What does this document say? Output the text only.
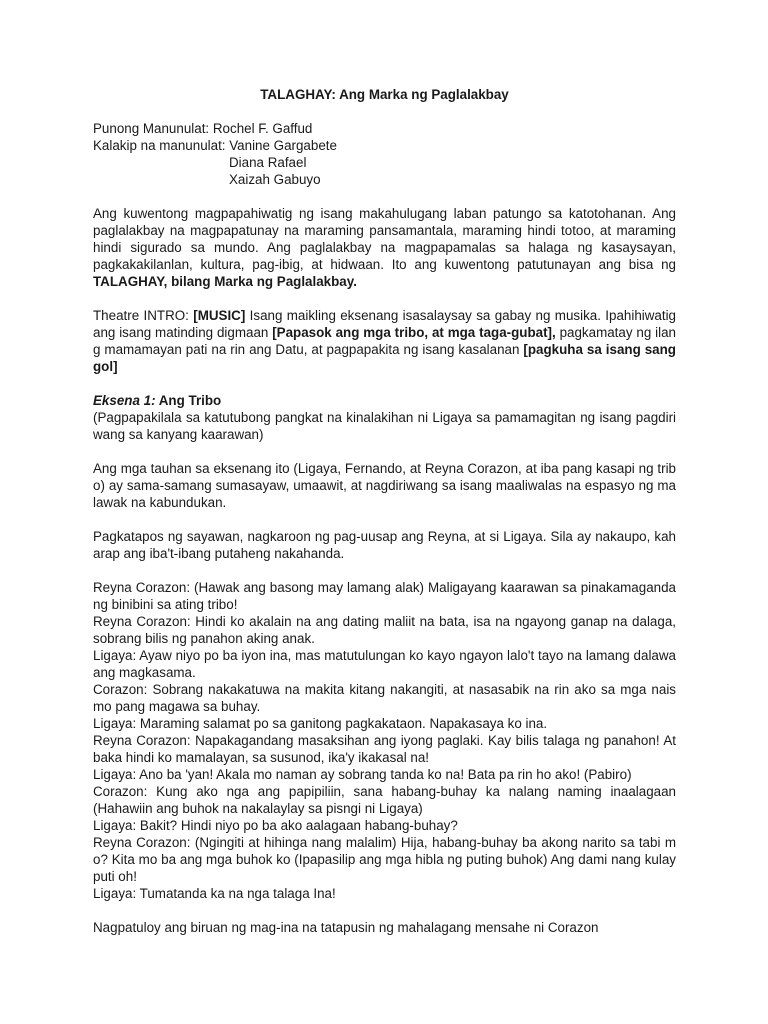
TALAGHAY: Ang Marka ng Paglalakbay
Punong Manunulat: Rochel F. Gaffud
Kalakip na manunulat: Vanine Gargabete
Diana Rafael
Xaizah Gabuyo

Ang kuwentong magpapahiwatig ng isang makahulugang laban patungo sa katotohanan. Ang paglalakbay na magpapatunay na maraming pansamantala, maraming hindi totoo, at maraming hindi sigurado sa mundo. Ang paglalakbay na magpapamalas sa halaga ng kasaysayan, pagkakakilanlan, kultura, pag-ibig, at hidwaan. Ito ang kuwentong patutunayan ang bisa ng TALAGHAY, bilang Marka ng Paglalakbay.

Theatre INTRO: [MUSIC] Isang maikling eksenang isasalaysay sa gabay ng musika. Ipahihiwatig ang isang matinding digmaan [Papasok ang mga tribo, at mga taga-gubat], pagkamatay ng ilang mamamayan pati na rin ang Datu, at pagpapakita ng isang kasalanan [pagkuha sa isang sanggol]

Eksena 1: Ang Tribo

(Pagpapakilala sa katutubong pangkat na kinalakihan ni Ligaya sa pamamagitan ng isang pagdiriwang sa kanyang kaarawan)

Ang mga tauhan sa eksenang ito (Ligaya, Fernando, at Reyna Corazon, at iba pang kasapi ng tribo) ay sama-samang sumasayaw, umaawit, at nagdiriwang sa isang maaliwalas na espasyo ng malawak na kabundukan.

Pagkatapos ng sayawan, nagkaroon ng pag-uusap ang Reyna, at si Ligaya. Sila ay nakaupo, kaharap ang iba't-ibang putaheng nakahanda.

Reyna Corazon: (Hawak ang basong may lamang alak) Maligayang kaarawan sa pinakamagandang binibini sa ating tribo!
Reyna Corazon: Hindi ko akalain na ang dating maliit na bata, isa na ngayong ganap na dalaga, sobrang bilis ng panahon aking anak.
Ligaya: Ayaw niyo po ba iyon ina, mas matutulungan ko kayo ngayon lalo't tayo na lamang dalawa ang magkasama.
Corazon: Sobrang nakakatuwa na makita kitang nakangiti, at nasasabik na rin ako sa mga nais mo pang magawa sa buhay.
Ligaya: Maraming salamat po sa ganitong pagkakataon. Napakasaya ko ina.
Reyna Corazon: Napakagandang masaksihan ang iyong paglaki. Kay bilis talaga ng panahon! At baka hindi ko mamalayan, sa susunod, ika'y ikakasal na!
Ligaya: Ano ba 'yan! Akala mo naman ay sobrang tanda ko na! Bata pa rin ho ako! (Pabiro)
Corazon: Kung ako nga ang papipiliin, sana habang-buhay ka nalang naming inaalagaan (Hahawiin ang buhok na nakalaylay sa pisngi ni Ligaya)
Ligaya: Bakit? Hindi niyo po ba ako aalagaan habang-buhay?
Reyna Corazon: (Ngingiti at hihinga nang malalim) Hija, habang-buhay ba akong narito sa tabi mo? Kita mo ba ang mga buhok ko (Ipapasilip ang mga hibla ng puting buhok) Ang dami nang kulay puti oh!
Ligaya: Tumatanda ka na nga talaga Ina!

Nagpatuloy ang biruan ng mag-ina na tatapusin ng mahalagang mensahe ni Corazon
